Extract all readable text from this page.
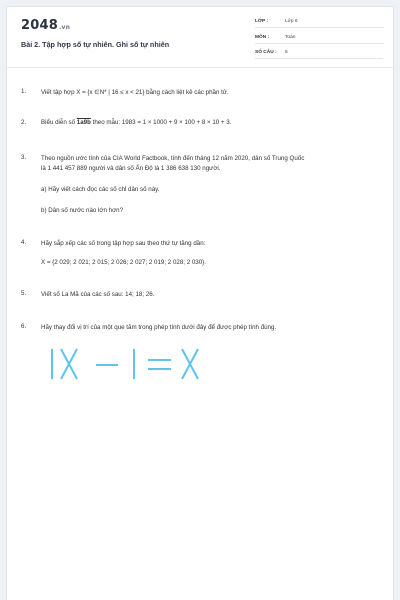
2048.vn
Bài 2. Tập hợp số tự nhiên. Ghi số tự nhiên
LỚP :	Lớp 6
MÔN :	Toán
SỐ CÂU : 6
1. Viết tập hợp X = {x ∈N* | 16 ≤ x < 21} bằng cách liệt kê các phần tử.
2. Biểu diễn số 1a9b theo mẫu: 1983 = 1 × 1000 + 9 × 100 + 8 × 10 + 3.
3. Theo nguồn ước tính của CIA World Factbook, tính đến tháng 12 năm 2020, dân số Trung Quốc
là 1 441 457 889 người và dân số Ấn Độ là 1 386 638 130 người.
a) Hãy viết cách đọc các số chỉ dân số này.
b) Dân số nước nào lớn hơn?
4. Hãy sắp xếp các số trong tập hợp sau theo thứ tự tăng dần:
X = {2 029; 2 021; 2 015; 2 026; 2 027; 2 019; 2 028; 2 030}.
5. Viết số La Mã của các số sau: 14; 18; 26.
6. Hãy thay đổi vị trí của một que tăm trong phép tính dưới đây để được phép tính đúng.
